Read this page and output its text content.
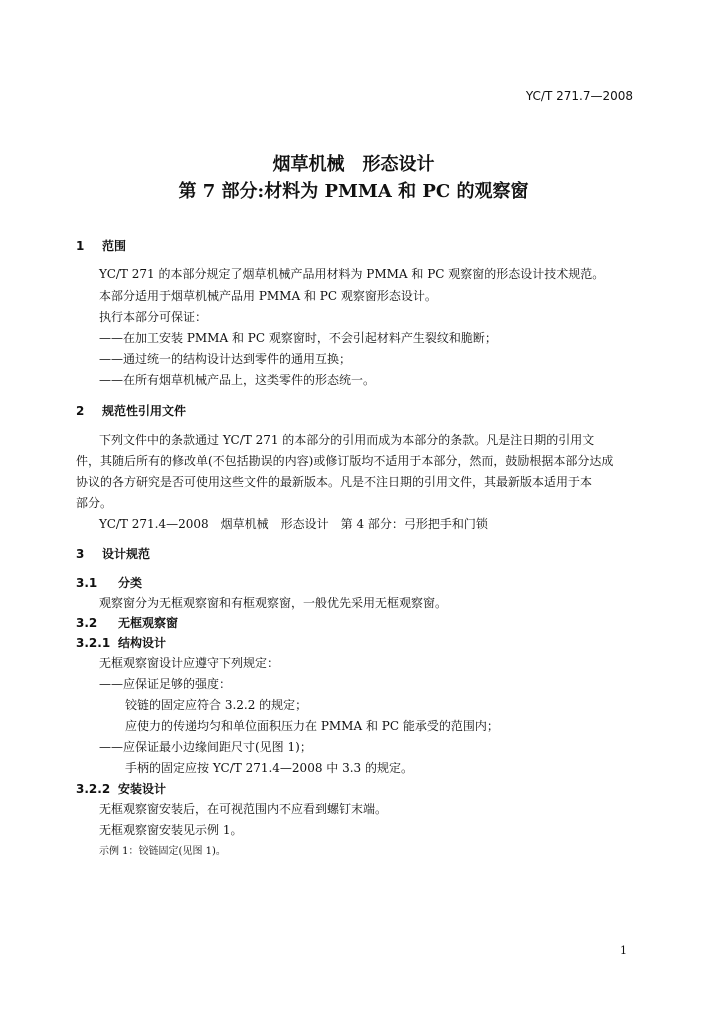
YC/T 271.7—2008
烟草机械　形态设计
第 7 部分:材料为 PMMA 和 PC 的观察窗
1 范围
YC/T 271 的本部分规定了烟草机械产品用材料为 PMMA 和 PC 观察窗的形态设计技术规范。
本部分适用于烟草机械产品用 PMMA 和 PC 观察窗形态设计。
执行本部分可保证：
——在加工安装 PMMA 和 PC 观察窗时，不会引起材料产生裂纹和脆断；
——通过统一的结构设计达到零件的通用互换；
——在所有烟草机械产品上，这类零件的形态统一。
2 规范性引用文件
下列文件中的条款通过 YC/T 271 的本部分的引用而成为本部分的条款。凡是注日期的引用文
件，其随后所有的修改单(不包括勘误的内容)或修订版均不适用于本部分，然而，鼓励根据本部分达成
协议的各方研究是否可使用这些文件的最新版本。凡是不注日期的引用文件，其最新版本适用于本
部分。
YC/T 271.4—2008　烟草机械　形态设计　第 4 部分：弓形把手和门锁
3 设计规范
3.1 分类
观察窗分为无框观察窗和有框观察窗，一般优先采用无框观察窗。
3.2 无框观察窗
3.2.1 结构设计
无框观察窗设计应遵守下列规定：
——应保证足够的强度：
铰链的固定应符合 3.2.2 的规定；
应使力的传递均匀和单位面积压力在 PMMA 和 PC 能承受的范围内；
——应保证最小边缘间距尺寸(见图 1)；
手柄的固定应按 YC/T 271.4—2008 中 3.3 的规定。
3.2.2 安装设计
无框观察窗安装后，在可视范围内不应看到螺钉末端。
无框观察窗安装见示例 1。
示例 1：铰链固定(见图 1)。
1
